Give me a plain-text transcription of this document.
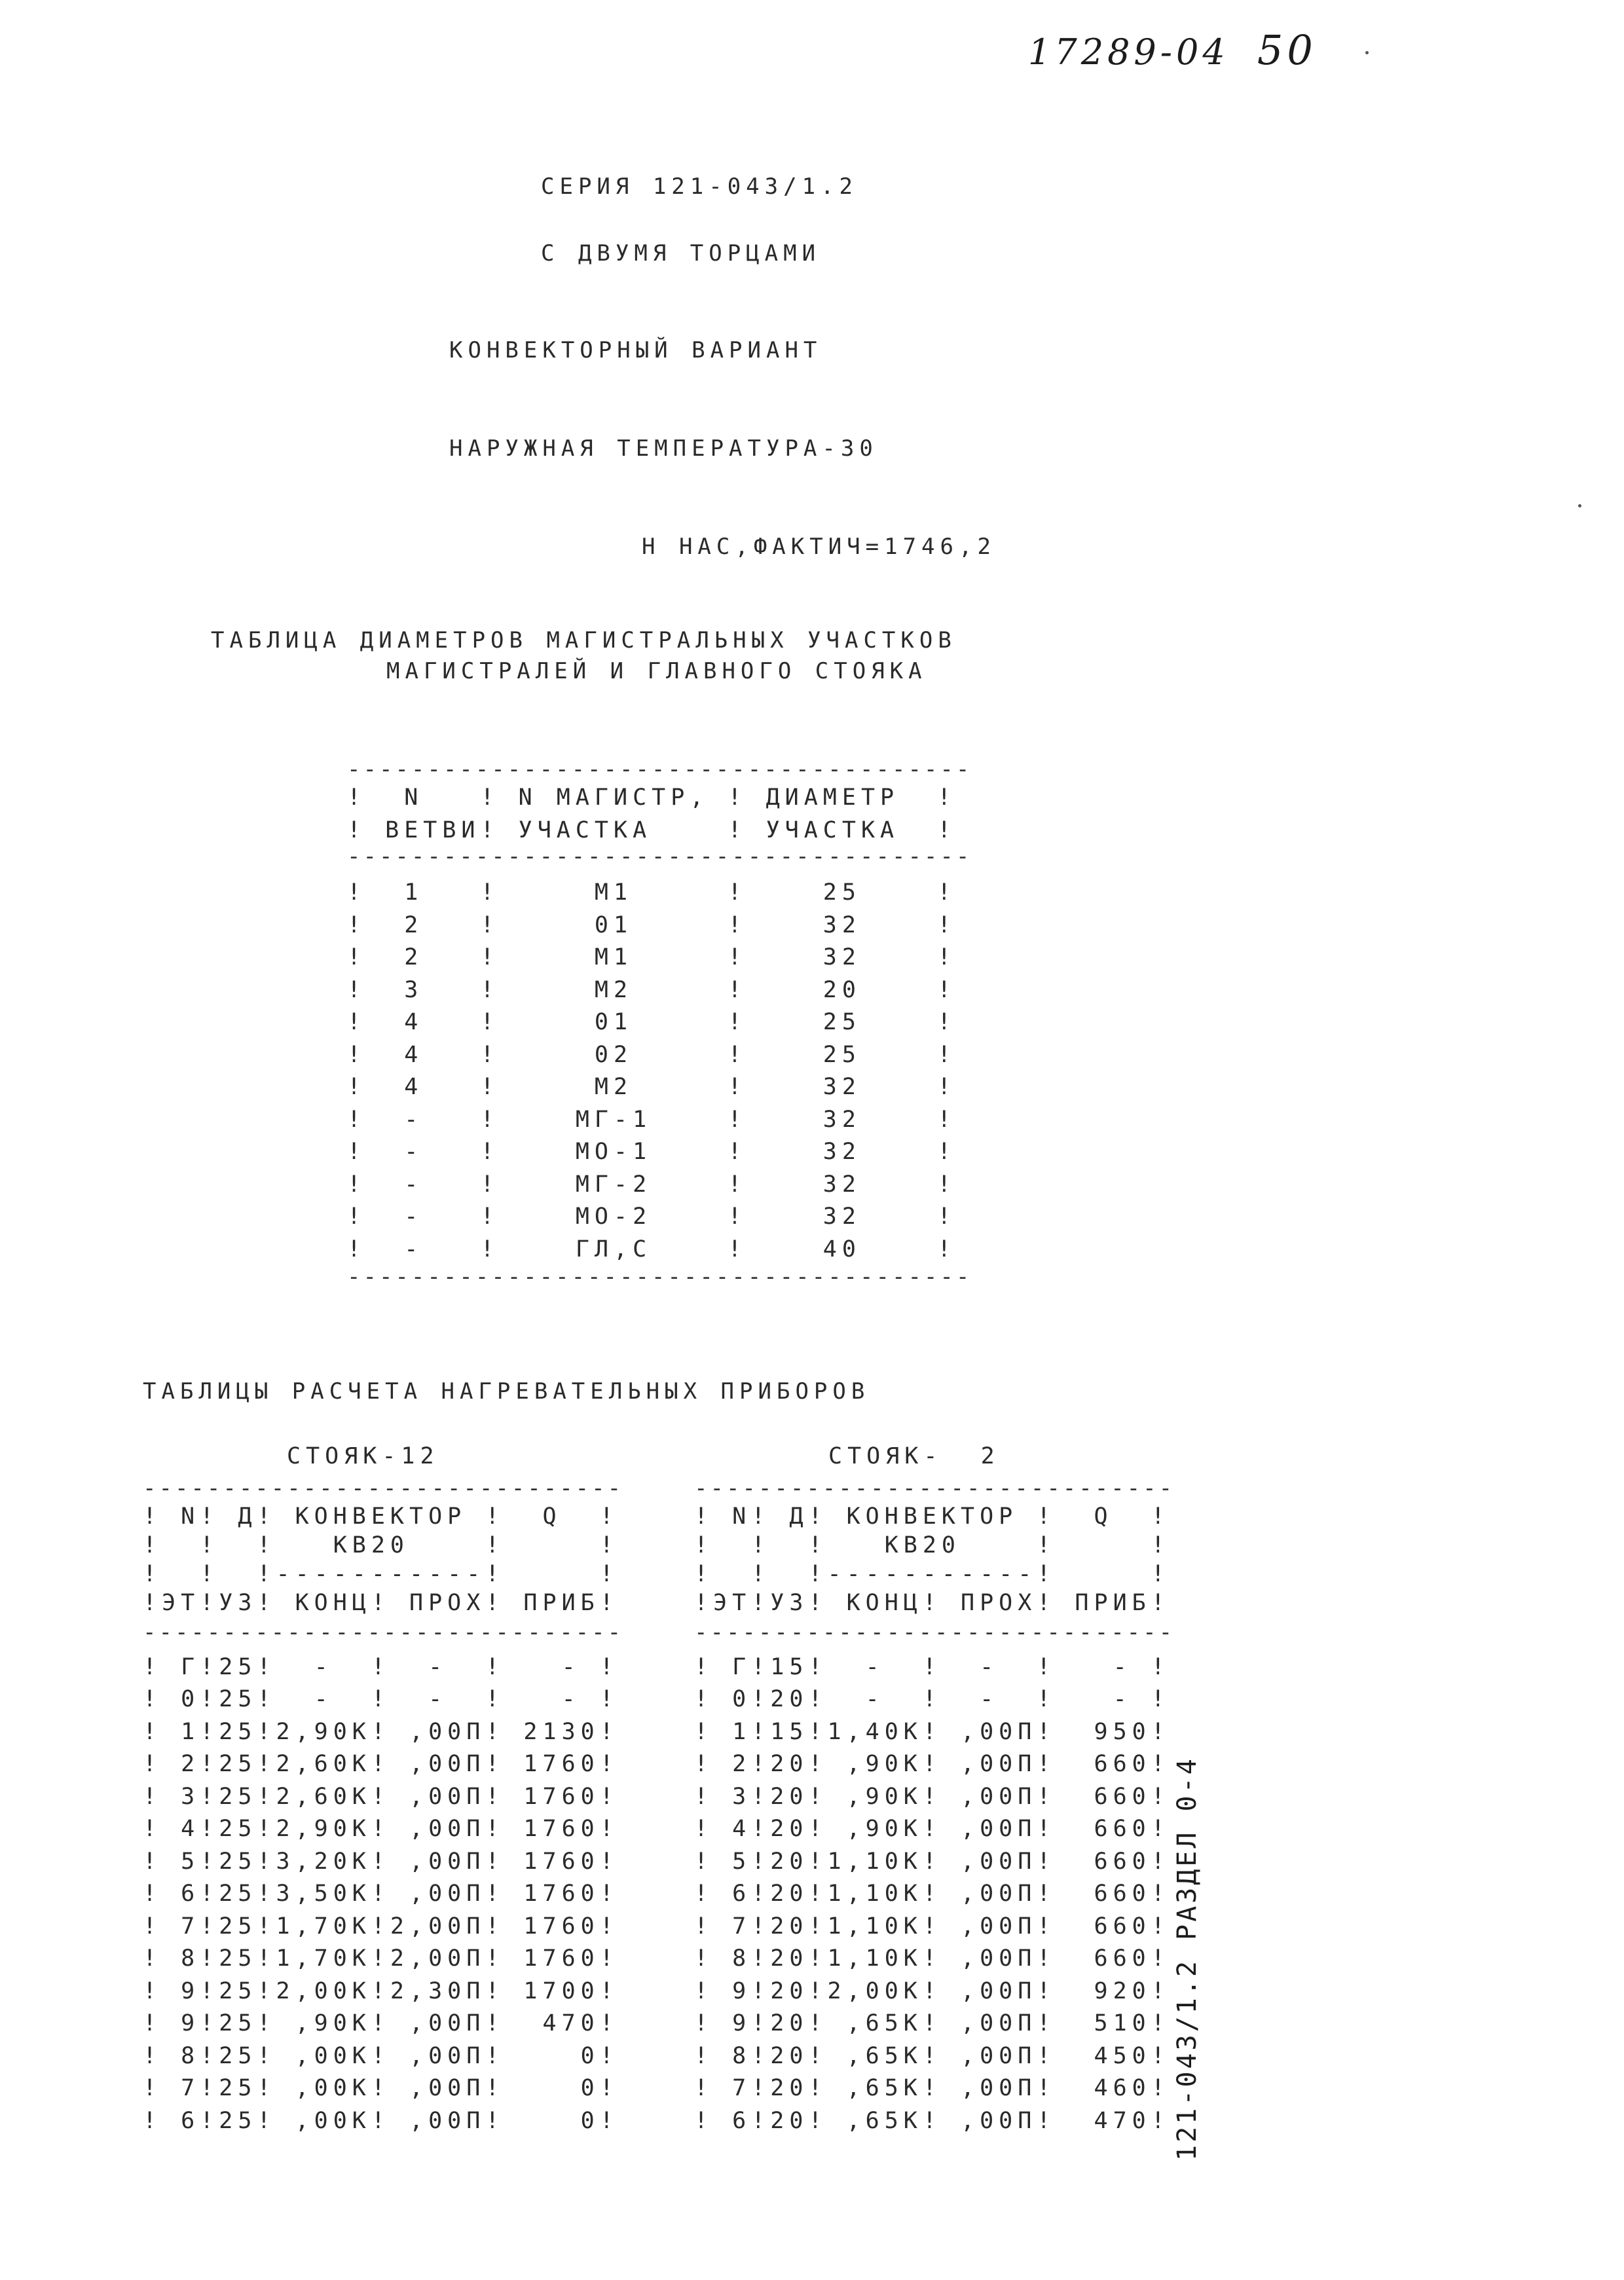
17289-04 50
СЕРИЯ 121-043/1.2
С ДВУМЯ ТОРЦАМИ
КОНВЕКТОРНЫЙ ВАРИАНТ
НАРУЖНАЯ ТЕМПЕРАТУРА-30
Н НАС,ФАКТИЧ=1746,2
ТАБЛИЦА ДИАМЕТРОВ МАГИСТРАЛЬНЫХ УЧАСТКОВ
МАГИСТРАЛЕЙ И ГЛАВНОГО СТОЯКА
---------------------------------------
!  N   ! N МАГИСТР, ! ДИАМЕТР  !
! ВЕТВИ! УЧАСТКА    ! УЧАСТКА  !
---------------------------------------
!  1   !     М1     !    25    !
!  2   !     01     !    32    !
!  2   !     М1     !    32    !
!  3   !     М2     !    20    !
!  4   !     01     !    25    !
!  4   !     02     !    25    !
!  4   !     М2     !    32    !
!  -   !    МГ-1    !    32    !
!  -   !    МО-1    !    32    !
!  -   !    МГ-2    !    32    !
!  -   !    МО-2    !    32    !
!  -   !    ГЛ,С    !    40    !
---------------------------------------
ТАБЛИЦЫ РАСЧЕТА НАГРЕВАТЕЛЬНЫХ ПРИБОРОВ
СТОЯК-12
------------------------------
! N! Д! КОНВЕКТОР !  Q  !
!  !  !   КВ20    !     !
!  !  !-----------!     !
!ЭТ!УЗ! КОНЦ! ПРОХ! ПРИБ!
------------------------------
! Г!25!  -  !  -  !   - !
! 0!25!  -  !  -  !   - !
! 1!25!2,90К! ,00П! 2130!
! 2!25!2,60К! ,00П! 1760!
! 3!25!2,60К! ,00П! 1760!
! 4!25!2,90К! ,00П! 1760!
! 5!25!3,20К! ,00П! 1760!
! 6!25!3,50К! ,00П! 1760!
! 7!25!1,70К!2,00П! 1760!
! 8!25!1,70К!2,00П! 1760!
! 9!25!2,00К!2,30П! 1700!
! 9!25! ,90К! ,00П!  470!
! 8!25! ,00К! ,00П!    0!
! 7!25! ,00К! ,00П!    0!
! 6!25! ,00К! ,00П!    0!
СТОЯК-  2
------------------------------
! N! Д! КОНВЕКТОР !  Q  !
!  !  !   КВ20    !     !
!  !  !-----------!     !
!ЭТ!УЗ! КОНЦ! ПРОХ! ПРИБ!
------------------------------
! Г!15!  -  !  -  !   - !
! 0!20!  -  !  -  !   - !
! 1!15!1,40К! ,00П!  950!
! 2!20! ,90К! ,00П!  660!
! 3!20! ,90К! ,00П!  660!
! 4!20! ,90К! ,00П!  660!
! 5!20!1,10К! ,00П!  660!
! 6!20!1,10К! ,00П!  660!
! 7!20!1,10К! ,00П!  660!
! 8!20!1,10К! ,00П!  660!
! 9!20!2,00К! ,00П!  920!
! 9!20! ,65К! ,00П!  510!
! 8!20! ,65К! ,00П!  450!
! 7!20! ,65К! ,00П!  460!
! 6!20! ,65К! ,00П!  470! 121-043/1.2 РАЗДЕЛ 0-4
